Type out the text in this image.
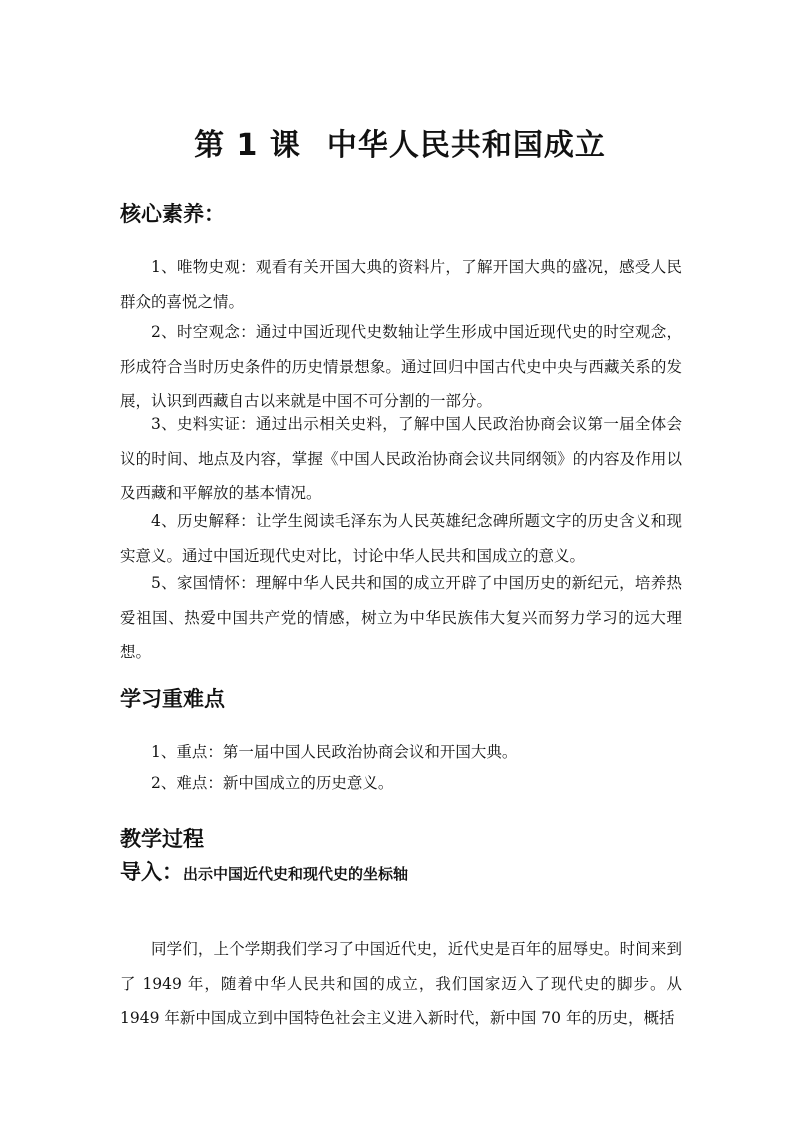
第 1 课 中华人民共和国成立
核心素养：
1、唯物史观：观看有关开国大典的资料片，了解开国大典的盛况，感受人民群众的喜悦之情。
2、时空观念：通过中国近现代史数轴让学生形成中国近现代史的时空观念，形成符合当时历史条件的历史情景想象。通过回归中国古代史中央与西藏关系的发展，认识到西藏自古以来就是中国不可分割的一部分。
3、史料实证：通过出示相关史料，了解中国人民政治协商会议第一届全体会议的时间、地点及内容，掌握《中国人民政治协商会议共同纲领》的内容及作用以及西藏和平解放的基本情况。
4、历史解释：让学生阅读毛泽东为人民英雄纪念碑所题文字的历史含义和现实意义。通过中国近现代史对比，讨论中华人民共和国成立的意义。
5、家国情怀：理解中华人民共和国的成立开辟了中国历史的新纪元，培养热爱祖国、热爱中国共产党的情感，树立为中华民族伟大复兴而努力学习的远大理想。
学习重难点
1、重点：第一届中国人民政治协商会议和开国大典。
2、难点：新中国成立的历史意义。
教学过程
导入：出示中国近代史和现代史的坐标轴
同学们，上个学期我们学习了中国近代史，近代史是百年的屈辱史。时间来到了 1949 年，随着中华人民共和国的成立，我们国家迈入了现代史的脚步。从 1949 年新中国成立到中国特色社会主义进入新时代，新中国 70 年的历史，概括
